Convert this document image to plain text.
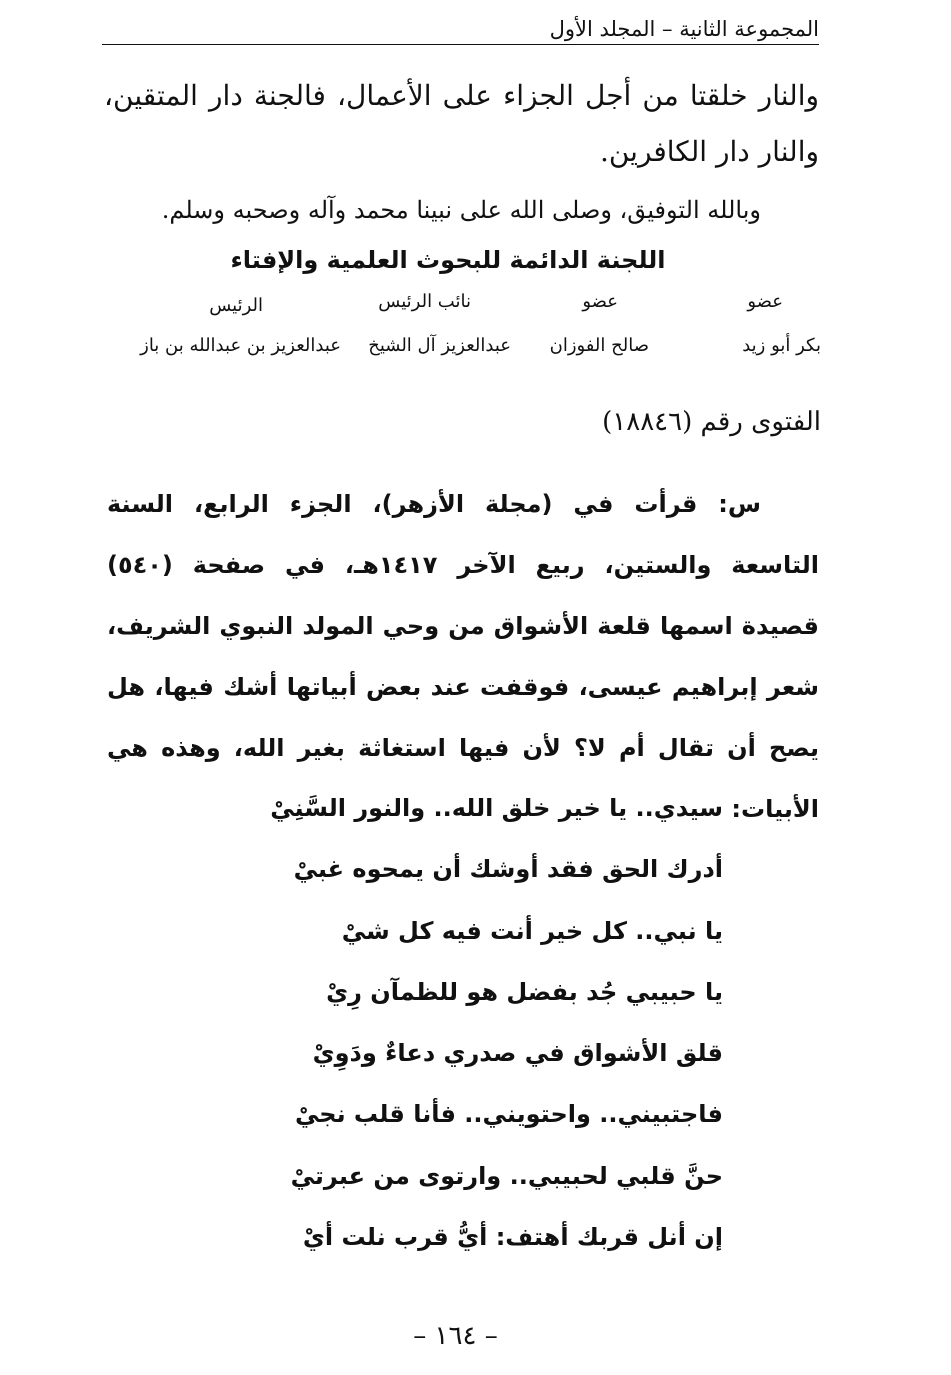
المجموعة الثانية – المجلد الأول

والنار خلقتا من أجل الجزاء على الأعمال، فالجنة دار المتقين، والنار دار الكافرين.

وبالله التوفيق، وصلى الله على نبينا محمد وآله وصحبه وسلم.
اللجنة الدائمة للبحوث العلمية والإفتاء
عضو
عضو
نائب الرئيس
الرئيس
بكر أبو زيد
صالح الفوزان
عبدالعزيز آل الشيخ
عبدالعزيز بن عبدالله بن باز
الفتوى رقم (١٨٨٤٦)

س: قرأت في (مجلة الأزهر)، الجزء الرابع، السنة التاسعة والستين، ربيع الآخر ١٤١٧هـ، في صفحة (٥٤٠) قصيدة اسمها قلعة الأشواق من وحي المولد النبوي الشريف، شعر إبراهيم عيسى، فوقفت عند بعض أبياتها أشك فيها، هل يصح أن تقال أم لا؟ لأن فيها استغاثة بغير الله، وهذه هي الأبيات:

سيدي.. يا خير خلق الله.. والنور السَّنِيْ
أدرك الحق فقد أوشك أن يمحوه غبيْ
يا نبي.. كل خير أنت فيه كل شيْ
يا حبيبي جُد بفضل هو للظمآن رِيْ
قلق الأشواق في صدري دعاءٌ ودَوِيْ
فاجتبيني.. واحتويني.. فأنا قلب نجيْ
حنَّ قلبي لحبيبي.. وارتوى من عبرتيْ
إن أنل قربك أهتف: أيُّ قرب نلت أيْ
– ١٦٤ –
